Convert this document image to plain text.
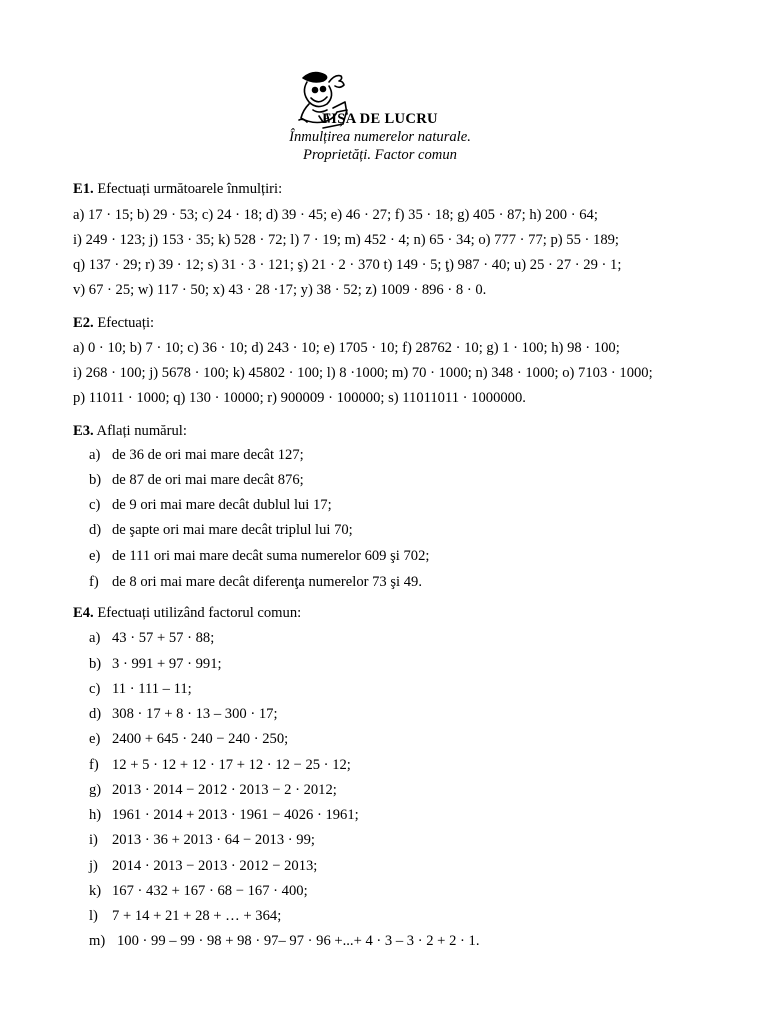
FIȘA DE LUCRU
Înmulțirea numerelor naturale.
Proprietăți. Factor comun
E1. Efectuați următoarele înmulțiri:
a) 17 · 15; b) 29 · 53; c) 24 · 18; d) 39 · 45; e) 46 · 27; f) 35 · 18; g) 405 · 87; h) 200 · 64;
i) 249 · 123; j) 153 · 35; k) 528 · 72; l) 7 · 19; m) 452 · 4; n) 65 · 34; o) 777 · 77; p) 55 · 189;
q) 137 · 29; r) 39 · 12; s) 31 · 3 · 121; ş) 21 · 2 · 370 t) 149 · 5; ţ) 987 · 40; u) 25 · 27 · 29 · 1;
v) 67 · 25; w) 117 · 50; x) 43 · 28 ·17; y) 38 · 52; z) 1009 · 896 · 8 · 0.
E2. Efectuați:
a) 0 · 10; b) 7 · 10; c) 36 · 10; d) 243 · 10; e) 1705 · 10; f) 28762 · 10; g) 1 · 100; h) 98 · 100;
i) 268 · 100; j) 5678 · 100; k) 45802 · 100; l) 8 ·1000; m) 70 · 1000; n) 348 · 1000; o) 7103 · 1000;
p) 11011 · 1000; q) 130 · 10000; r) 900009 · 100000; s) 11011011 · 1000000.
E3. Aflați numărul:
a) de 36 de ori mai mare decât 127;
b) de 87 de ori mai mare decât 876;
c) de 9 ori mai mare decât dublul lui 17;
d) de şapte ori mai mare decât triplul lui 70;
e) de 111 ori mai mare decât suma numerelor 609 şi 702;
f) de 8 ori mai mare decât diferenţa numerelor 73 şi 49.
E4. Efectuați utilizând factorul comun:
a) 43 · 57 + 57 · 88;
b) 3 · 991 + 97 · 991;
c) 11 · 111 – 11;
d) 308 · 17 + 8 · 13 – 300 · 17;
e) 2400 + 645 · 240 − 240 · 250;
f) 12 + 5 · 12 + 12 · 17 + 12 · 12 − 25 · 12;
g) 2013 · 2014 − 2012 · 2013 − 2 · 2012;
h) 1961 · 2014 + 2013 · 1961 − 4026 · 1961;
i) 2013 · 36 + 2013 · 64 − 2013 · 99;
j) 2014 · 2013 − 2013 · 2012 − 2013;
k) 167 · 432 + 167 · 68 − 167 · 400;
l) 7 + 14 + 21 + 28 + … + 364;
m) 100 · 99 – 99 · 98 + 98 · 97– 97 · 96 +...+ 4 · 3 – 3 · 2 + 2 · 1.
